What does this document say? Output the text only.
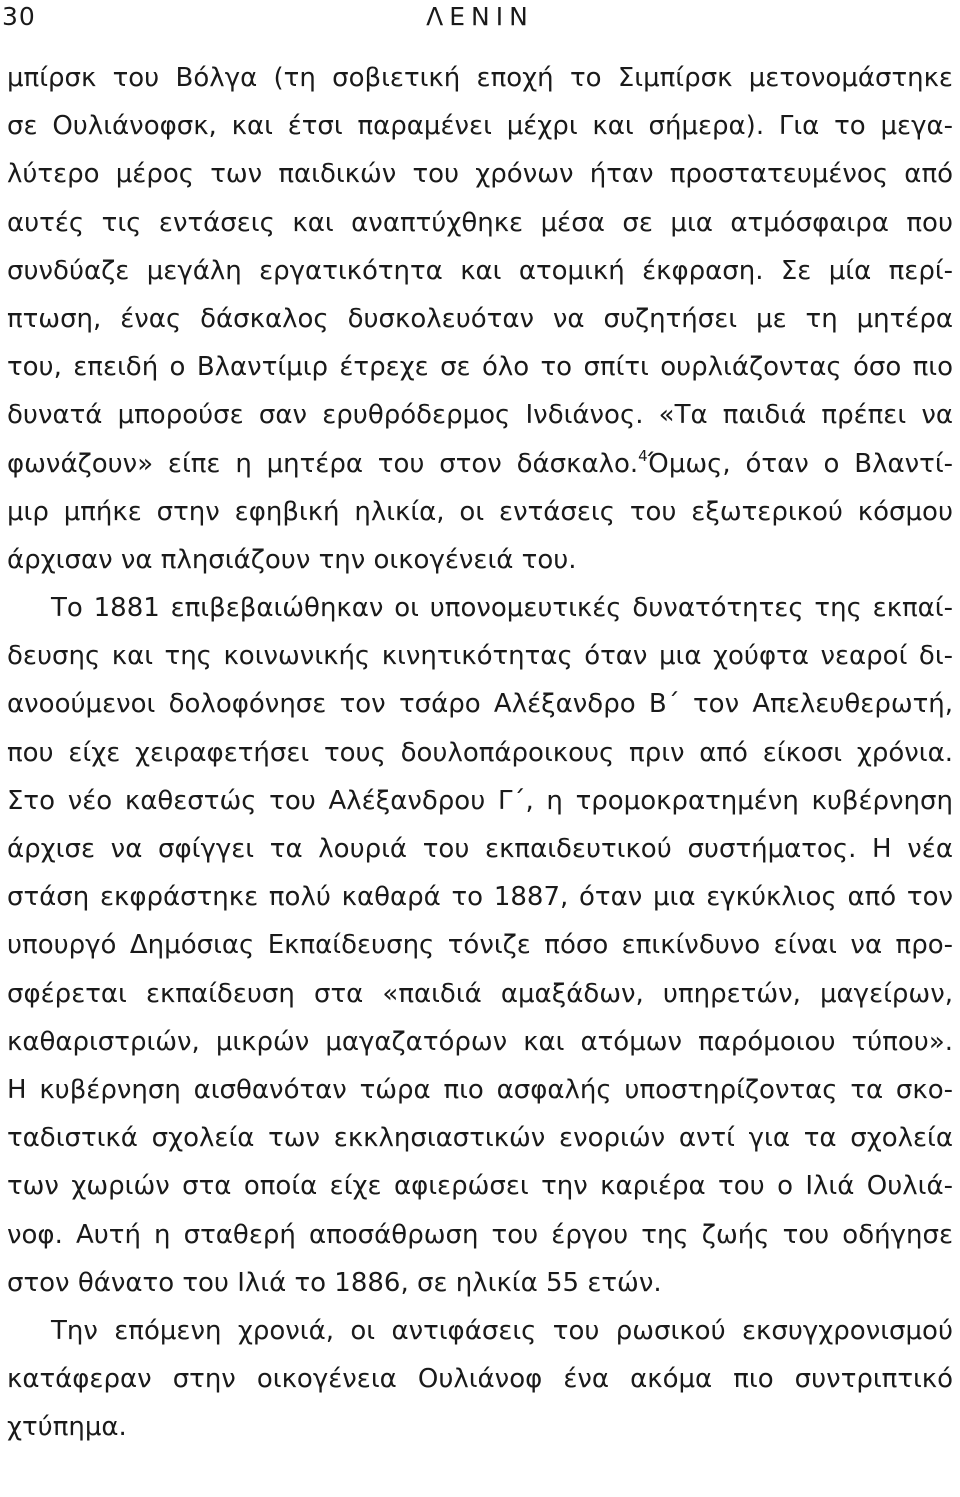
30	ΛΕΝΙΝ
μπίρσκ του Βόλγα (τη σοβιετική εποχή το Σιμπίρσκ μετονομάστηκε
σε Ουλιάνοφσκ, και έτσι παραμένει μέχρι και σήμερα). Για το μεγα-
λύτερο μέρος των παιδικών του χρόνων ήταν προστατευμένος από
αυτές τις εντάσεις και αναπτύχθηκε μέσα σε μια ατμόσφαιρα που
συνδύαζε μεγάλη εργατικότητα και ατομική έκφραση. Σε μία περί-
πτωση, ένας δάσκαλος δυσκολευόταν να συζητήσει με τη μητέρα
του, επειδή ο Βλαντίμιρ έτρεχε σε όλο το σπίτι ουρλιάζοντας όσο πιο
δυνατά μπορούσε σαν ερυθρόδερμος Ινδιάνος. «Τα παιδιά πρέπει να
φωνάζουν» είπε η μητέρα του στον δάσκαλο.$^4$Όμως, όταν ο Βλαντί-
μιρ μπήκε στην εφηβική ηλικία, οι εντάσεις του εξωτερικού κόσμου
άρχισαν να πλησιάζουν την οικογένειά του.
Το 1881 επιβεβαιώθηκαν οι υπονομευτικές δυνατότητες της εκπαί-
δευσης και της κοινωνικής κινητικότητας όταν μια χούφτα νεαροί δι-
ανοούμενοι δολοφόνησε τον τσάρο Αλέξανδρο Β΄ τον Απελευθερωτή,
που είχε χειραφετήσει τους δουλοπάροικους πριν από είκοσι χρόνια.
Στο νέο καθεστώς του Αλέξανδρου Γ΄, η τρομοκρατημένη κυβέρνηση
άρχισε να σφίγγει τα λουριά του εκπαιδευτικού συστήματος. Η νέα
στάση εκφράστηκε πολύ καθαρά το 1887, όταν μια εγκύκλιος από τον
υπουργό Δημόσιας Εκπαίδευσης τόνιζε πόσο επικίνδυνο είναι να προ-
σφέρεται εκπαίδευση στα «παιδιά αμαξάδων, υπηρετών, μαγείρων,
καθαριστριών, μικρών μαγαζατόρων και ατόμων παρόμοιου τύπου».
Η κυβέρνηση αισθανόταν τώρα πιο ασφαλής υποστηρίζοντας τα σκο-
ταδιστικά σχολεία των εκκλησιαστικών ενοριών αντί για τα σχολεία
των χωριών στα οποία είχε αφιερώσει την καριέρα του ο Ιλιά Ουλιά-
νοφ. Αυτή η σταθερή αποσάθρωση του έργου της ζωής του οδήγησε
στον θάνατο του Ιλιά το 1886, σε ηλικία 55 ετών.
Την επόμενη χρονιά, οι αντιφάσεις του ρωσικού εκσυγχρονισμού
κατάφεραν στην οικογένεια Ουλιάνοφ ένα ακόμα πιο συντριπτικό
χτύπημα.
